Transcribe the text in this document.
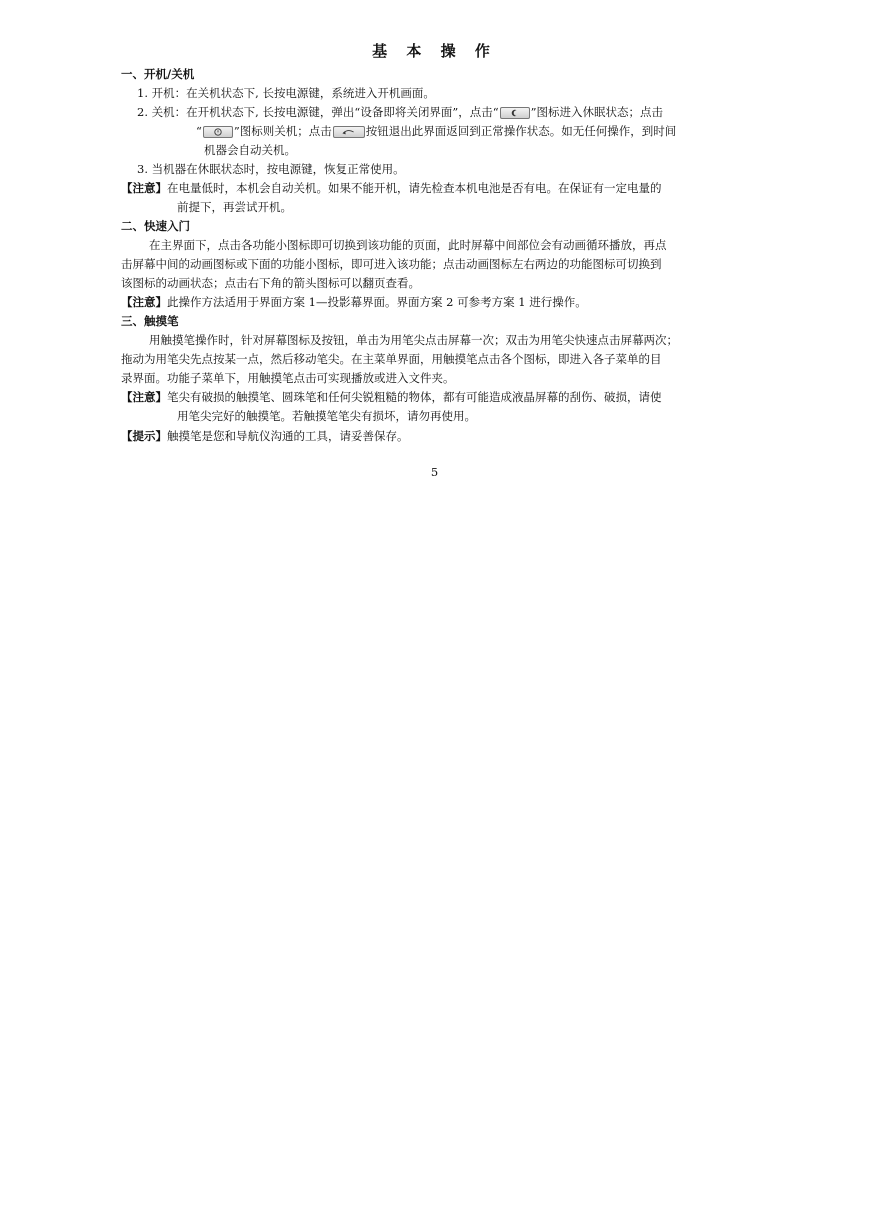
基 本 操 作
一、开机/关机
1. 开机：在关机状态下, 长按电源键，系统进入开机画面。
2. 关机：在开机状态下, 长按电源键，弹出“设备即将关闭界面”，点击“	”图标进入休眠状态；点击
“	”图标则关机；点击	按钮退出此界面返回到正常操作状态。如无任何操作，到时间
机器会自动关机。
3. 当机器在休眠状态时，按电源键，恢复正常使用。
【注意】在电量低时，本机会自动关机。如果不能开机，请先检查本机电池是否有电。在保证有一定电量的
前提下，再尝试开机。
二、快速入门
在主界面下，点击各功能小图标即可切换到该功能的页面，此时屏幕中间部位会有动画循环播放，再点
击屏幕中间的动画图标或下面的功能小图标，即可进入该功能；点击动画图标左右两边的功能图标可切换到
该图标的动画状态；点击右下角的箭头图标可以翻页查看。
【注意】此操作方法适用于界面方案 1—投影幕界面。界面方案 2 可参考方案 1 进行操作。
三、触摸笔
用触摸笔操作时，针对屏幕图标及按钮，单击为用笔尖点击屏幕一次；双击为用笔尖快速点击屏幕两次；
拖动为用笔尖先点按某一点，然后移动笔尖。在主菜单界面，用触摸笔点击各个图标，即进入各子菜单的目
录界面。功能子菜单下，用触摸笔点击可实现播放或进入文件夹。
【注意】笔尖有破损的触摸笔、圆珠笔和任何尖锐粗糙的物体，都有可能造成液晶屏幕的刮伤、破损，请使
用笔尖完好的触摸笔。若触摸笔笔尖有损坏，请勿再使用。
【提示】触摸笔是您和导航仪沟通的工具，请妥善保存。
5
